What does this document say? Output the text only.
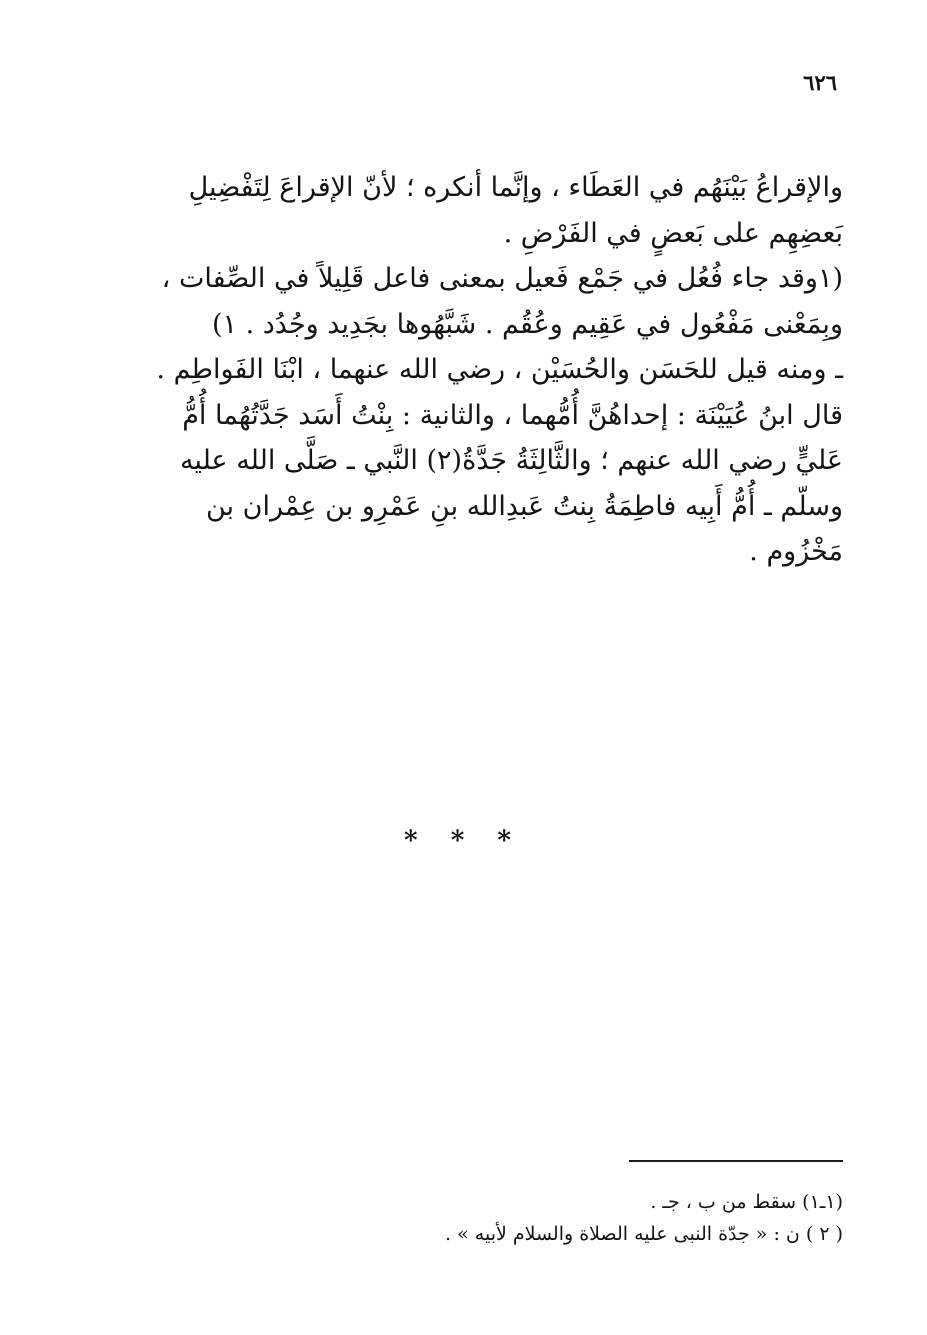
٦٢٦
والإقراعُ بَيْنَهُم في العَطَاء ، وإنَّما أنكره ؛ لأنّ الإقراعَ لِتَفْضِيلِ
بَعضِهِم على بَعضٍ في الفَرْضِ .
(١وقد جاء فُعُل في جَمْع فَعيل بمعنى فاعل قَلِيلاً في الصِّفات ،
وبِمَعْنى مَفْعُول في عَقِيم وعُقُم . شَبَّهُوها بجَدِيد وجُدُد . ١)
ـ ومنه قيل للحَسَن والحُسَيْن ، رضي الله عنهما ، ابْنَا الفَواطِم .
قال ابنُ عُيَيْنَة : إحداهُنَّ أُمُّهما ، والثانية : بِنْتُ أَسَد جَدَّتُهُما أُمُّ
عَليٍّ رضي الله عنهم ؛ والثَّالِثَةُ جَدَّةُ(٢) النَّبي ـ صَلَّى الله عليه
وسلّم ـ أُمُّ أَبِيه فاطِمَةُ بِنتُ عَبدِالله بنِ عَمْرِو بن عِمْران بن
مَخْزُوم .
* * *
(١ـ١) سقط من ب ، جـ .
( ٢ ) ن : « جدّة النبى عليه الصلاة والسلام لأبيه » .
